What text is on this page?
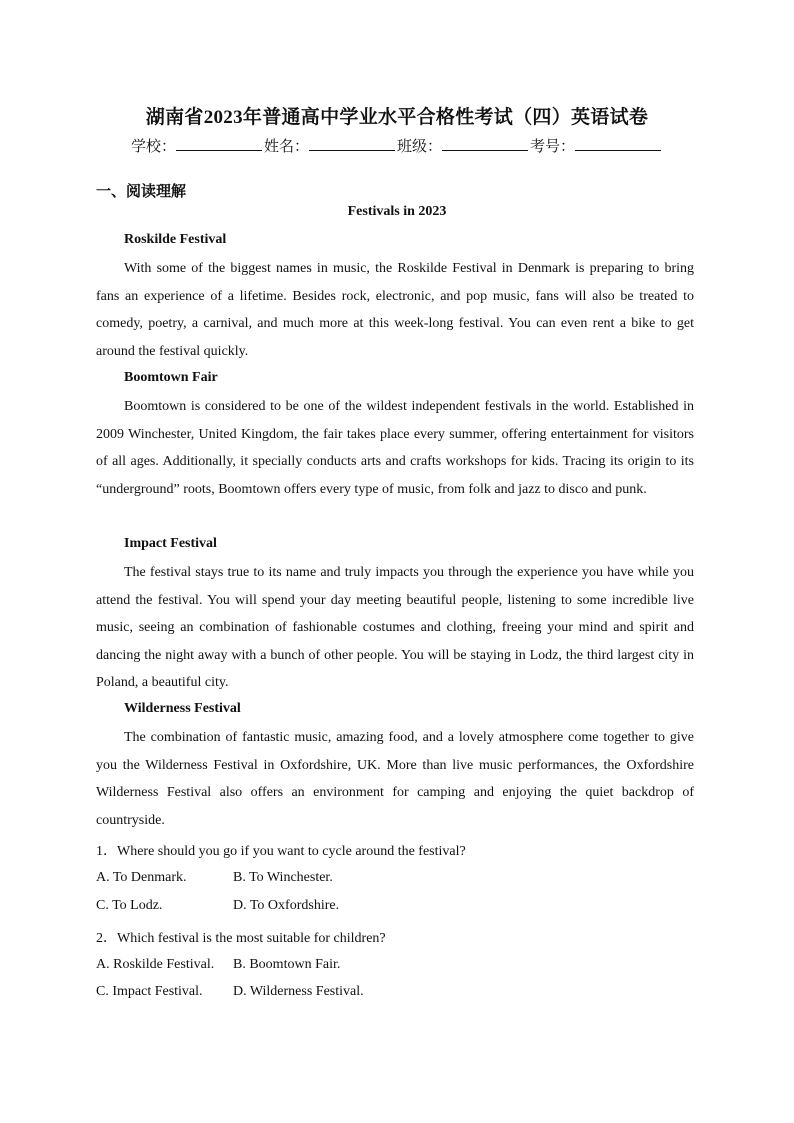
湖南省2023年普通高中学业水平合格性考试（四）英语试卷
学校：	姓名：	班级：	考号：
一、阅读理解
Festivals in 2023
Roskilde Festival

With some of the biggest names in music, the Roskilde Festival in Denmark is preparing to bring fans an experience of a lifetime. Besides rock, electronic, and pop music, fans will also be treated to comedy, poetry, a carnival, and much more at this week-long festival. You can even rent a bike to get around the festival quickly.

Boomtown Fair

Boomtown is considered to be one of the wildest independent festivals in the world. Established in 2009 Winchester, United Kingdom, the fair takes place every summer, offering entertainment for visitors of all ages. Additionally, it specially conducts arts and crafts workshops for kids. Tracing its origin to its “underground” roots, Boomtown offers every type of music, from folk and jazz to disco and punk.

Impact Festival

The festival stays true to its name and truly impacts you through the experience you have while you attend the festival. You will spend your day meeting beautiful people, listening to some incredible live music, seeing an combination of fashionable costumes and clothing, freeing your mind and spirit and dancing the night away with a bunch of other people. You will be staying in Lodz, the third largest city in Poland, a beautiful city.

Wilderness Festival

The combination of fantastic music, amazing food, and a lovely atmosphere come together to give you the Wilderness Festival in Oxfordshire, UK. More than live music performances, the Oxfordshire Wilderness Festival also offers an environment for camping and enjoying the quiet backdrop of countryside.

1．Where should you go if you want to cycle around the festival?
A. To Denmark.	B. To Winchester.
C. To Lodz.	D. To Oxfordshire.
2．Which festival is the most suitable for children?
A. Roskilde Festival. B. Boomtown Fair.
C. Impact Festival. D. Wilderness Festival.
